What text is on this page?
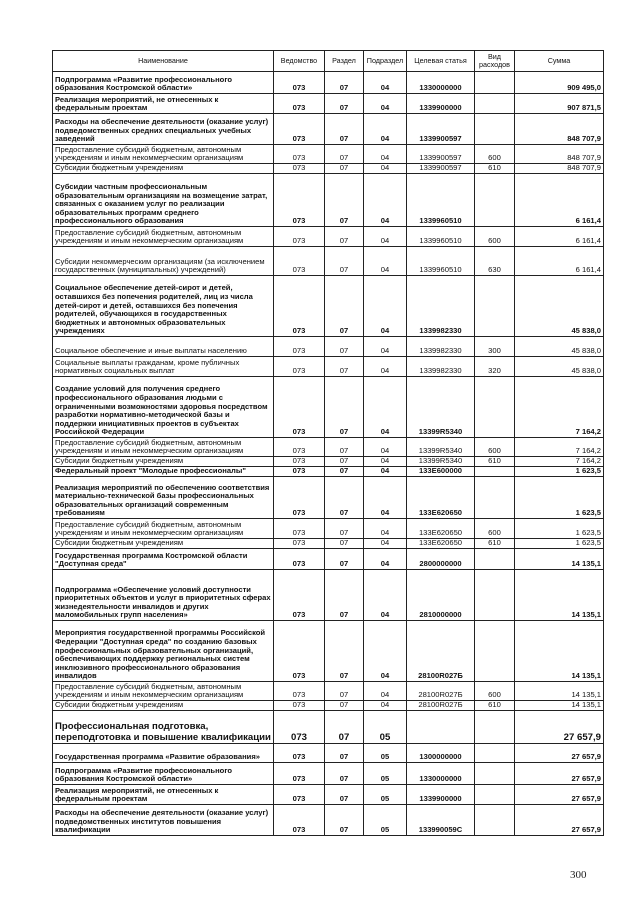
Наименование	Ведомство	Раздел	Подраздел	Целевая статья	Вид расходов	Сумма
Подпрограмма «Развитие профессионального образования Костромской области»	073	07	04	1330000000		909 495,0
Реализация мероприятий, не отнесенных к федеральным проектам	073	07	04	1339900000		907 871,5
Расходы на обеспечение деятельности (оказание услуг) подведомственных средних специальных учебных заведений	073	07	04	1339900597		848 707,9
Предоставление субсидий бюджетным, автономным учреждениям и иным некоммерческим организациям	073	07	04	1339900597	600	848 707,9
Субсидии бюджетным учреждениям	073	07	04	1339900597	610	848 707,9
Субсидии частным профессиональным образовательным организациям на возмещение затрат, связанных с оказанием услуг по реализации образовательных программ среднего профессионального образования	073	07	04	1339960510		6 161,4
Предоставление субсидий бюджетным, автономным учреждениям и иным некоммерческим организациям	073	07	04	1339960510	600	6 161,4
Субсидии некоммерческим организациям (за исключением государственных (муниципальных) учреждений)	073	07	04	1339960510	630	6 161,4
Социальное обеспечение детей-сирот и детей, оставшихся без попечения родителей, лиц из числа детей-сирот и детей, оставшихся без попечения родителей, обучающихся в государственных бюджетных и автономных образовательных учреждениях	073	07	04	1339982330		45 838,0
Социальное обеспечение и иные выплаты населению	073	07	04	1339982330	300	45 838,0
Социальные выплаты гражданам, кроме публичных нормативных социальных выплат	073	07	04	1339982330	320	45 838,0
Создание условий для получения среднего профессионального образования людьми с ограниченными возможностями здоровья посредством разработки нормативно-методической базы и поддержки инициативных проектов в субъектах Российской Федерации	073	07	04	13399R5340		7 164,2
Предоставление субсидий бюджетным, автономным учреждениям и иным некоммерческим организациям	073	07	04	13399R5340	600	7 164,2
Субсидии бюджетным учреждениям	073	07	04	13399R5340	610	7 164,2
Федеральный проект "Молодые профессионалы"	073	07	04	133E600000		1 623,5
Реализация мероприятий по обеспечению соответствия материально-технической базы профессиональных образовательных организаций современным требованиям	073	07	04	133E620650		1 623,5
Предоставление субсидий бюджетным, автономным учреждениям и иным некоммерческим организациям	073	07	04	133E620650	600	1 623,5
Субсидии бюджетным учреждениям	073	07	04	133E620650	610	1 623,5
Государственная программа Костромской области "Доступная среда"	073	07	04	2800000000		14 135,1
Подпрограмма «Обеспечение условий доступности приоритетных объектов и услуг в приоритетных сферах жизнедеятельности инвалидов и других маломобильных групп населения»	073	07	04	2810000000		14 135,1
Мероприятия государственной программы Российской Федерации "Доступная среда" по созданию базовых профессиональных образовательных организаций, обеспечивающих поддержку региональных систем инклюзивного профессионального образования инвалидов	073	07	04	28100R027Б		14 135,1
Предоставление субсидий бюджетным, автономным учреждениям и иным некоммерческим организациям	073	07	04	28100R027Б	600	14 135,1
Субсидии бюджетным учреждениям	073	07	04	28100R027Б	610	14 135,1
Профессиональная подготовка, переподготовка и повышение квалификации	073	07	05			27 657,9
Государственная программа «Развитие образования»	073	07	05	1300000000		27 657,9
Подпрограмма «Развитие профессионального образования Костромской области»	073	07	05	1330000000		27 657,9
Реализация мероприятий, не отнесенных к федеральным проектам	073	07	05	1339900000		27 657,9
Расходы на обеспечение деятельности (оказание услуг) подведомственных институтов повышения квалификации	073	07	05	133990059С		27 657,9
300
